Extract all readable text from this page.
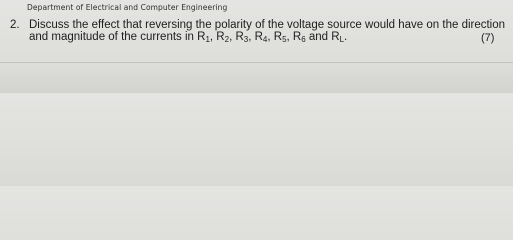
Department of Electrical and Computer Engineering
2. Discuss the effect that reversing the polarity of the voltage source would have on the direction
and magnitude of the currents in $R_1$, $R_2$, $R_3$, $R_4$, $R_5$, $R_6$ and $R_L$.	(7)
